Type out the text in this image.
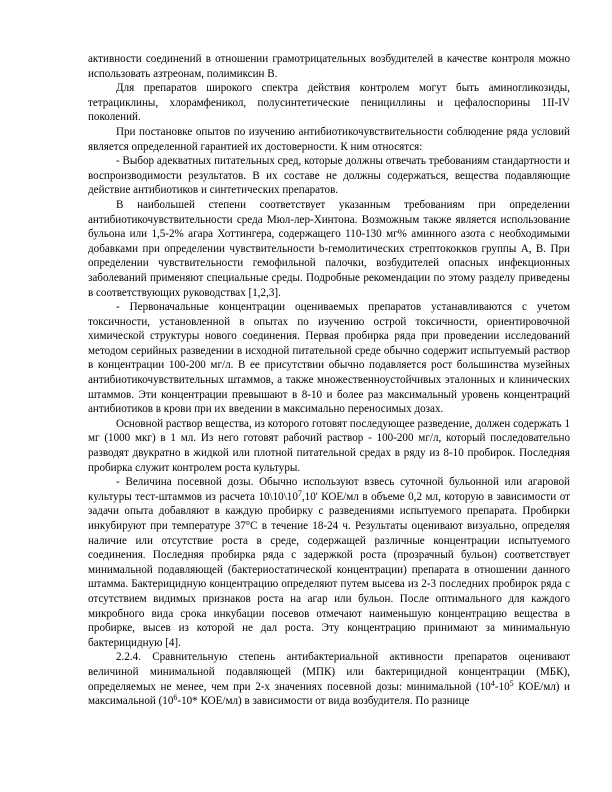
активности соединений в отношении грамотрицательных возбудителей в качестве контроля можно использовать азтреонам, полимиксин В.

Для препаратов широкого спектра действия контролем могут быть аминогликозиды, тетрациклины, хлорамфеникол, полусинтетические пенициллины и цефалоспорины 1II-IV поколений.

При постановке опытов по изучению антибиотикочувствительности соблюдение ряда условий является определенной гарантией их достоверности. К ним относятся:

- Выбор адекватных питательных сред, которые должны отвечать требованиям стандартности и воспроизводимости результатов. В их составе не должны содержаться, вещества подавляющие действие антибиотиков и синтетических препаратов.

В наибольшей степени соответствует указанным требованиям при определении антибиотикочувствительности среда Мюл-лер-Хинтона. Возможным также является использование бульона или 1,5-2% агара Хоттингера, содержащего 110-130 мг% аминного азота с необходимыми добавками при определении чувствительности b-гемолитических стрептококков группы А, В. При определении чувствительности гемофильной палочки, возбудителей опасных инфекционных заболеваний применяют специальные среды. Подробные рекомендации по этому разделу приведены в соответствующих руководствах [1,2,3].

- Первоначальные концентрации оцениваемых препаратов устанавливаются с учетом токсичности, установленной в опытах по изучению острой токсичности, ориентировочной химической структуры нового соединения. Первая пробирка ряда при проведении исследований методом серийных разведении в исходной питательной среде обычно содержит испытуемый раствор в концентрации 100-200 мг/л. В ее присутствии обычно подавляется рост большинства музейных антибиотикочувствительных штаммов, а также множественноустойчивых эталонных и клинических штаммов. Эти концентрации превышают в 8-10 и более раз максимальный уровень концентраций антибиотиков в крови при их введении в максимально переносимых дозах.

Основной раствор вещества, из которого готовят последующее разведение, должен содержать 1 мг (1000 мкг) в 1 мл. Из него готовят рабочий раствор - 100-200 мг/л, который последовательно разводят двукратно в жидкой или плотной питательной средах в ряду из 8-10 пробирок. Последняя пробирка служит контролем роста культуры.

- Величина посевной дозы. Обычно используют взвесь суточной бульонной или агаровой культуры тест-штаммов из расчета $10\backslash 10\backslash 10^7,10'$ КОЕ/мл в объеме 0,2 мл, которую в зависимости от задачи опыта добавляют в каждую пробирку с разведениями испытуемого препарата. Пробирки инкубируют при температуре 37°С в течение 18-24 ч. Результаты оценивают визуально, определяя наличие или отсутствие роста в среде, содержащей различные концентрации испытуемого соединения. Последняя пробирка ряда с задержкой роста (прозрачный бульон) соответствует минимальной подавляющей (бактериостатической концентрации) препарата в отношении данного штамма. Бактерицидную концентрацию определяют путем высева из 2-3 последних пробирок ряда с отсутствием видимых признаков роста на агар или бульон. После оптимального для каждого микробного вида срока инкубации посевов отмечают наименьшую концентрацию вещества в пробирке, высев из которой не дал роста. Эту концентрацию принимают за минимальную бактерицидную [4].

2.2.4. Сравнительную степень антибактериальной активности препаратов оценивают величиной минимальной подавляющей (МПК) или бактерицидной концентрации (МБК), определяемых не менее, чем при 2-х значениях посевной дозы: минимальной ($10^4-10^5$ КОЕ/мл) и максимальной ($10^6-10*$ КОЕ/мл) в зависимости от вида возбудителя. По разнице
